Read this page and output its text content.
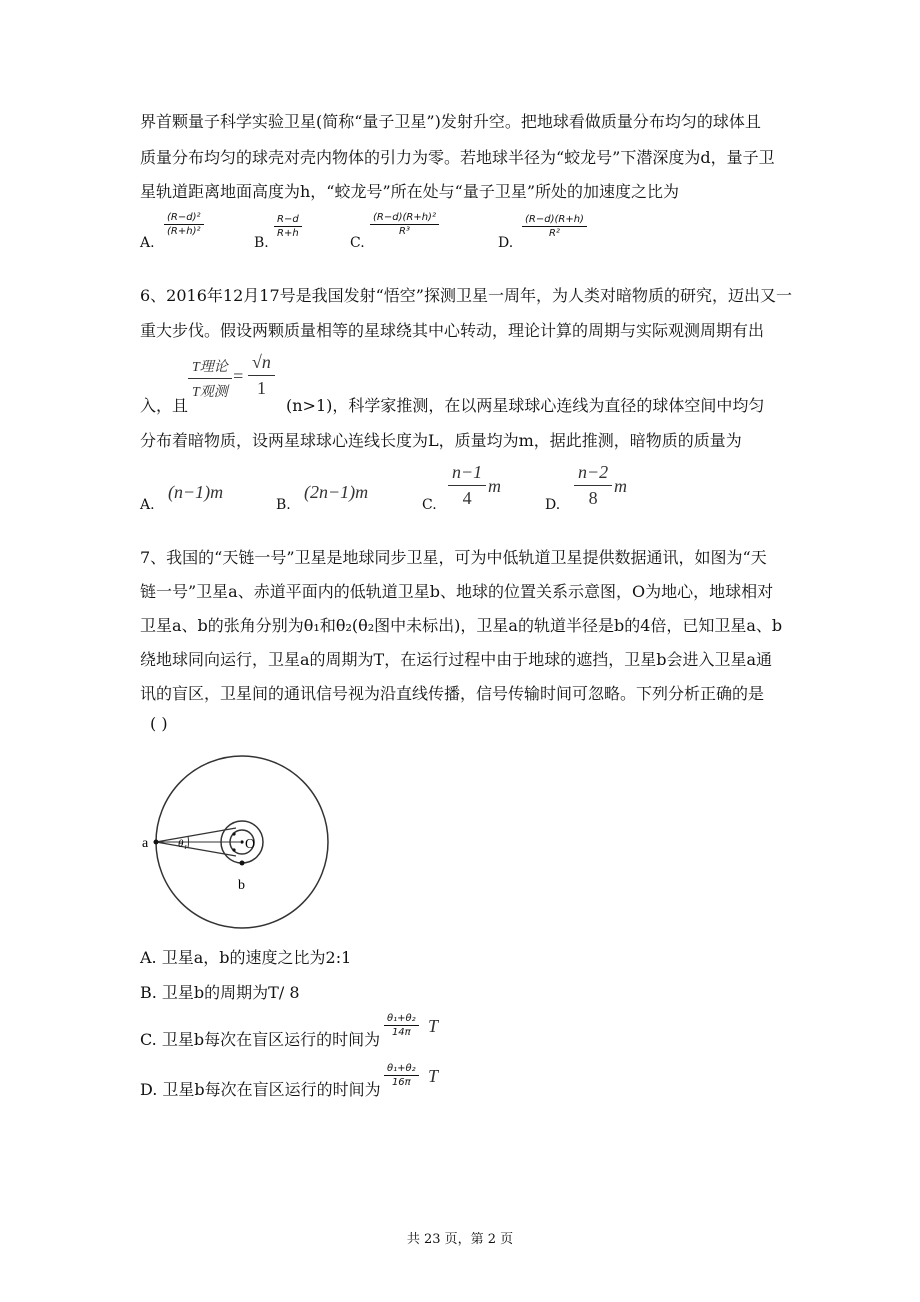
界首颗量子科学实验卫星(简称“量子卫星”)发射升空。把地球看做质量分布均匀的球体且
质量分布均匀的球壳对壳内物体的引力为零。若地球半径为“蛟龙号”下潜深度为d，量子卫
星轨道距离地面高度为h，“蛟龙号”所在处与“量子卫星”所处的加速度之比为
A.
$\frac{\text{(R−d)²}}{\text{(R+h)²}}$
B.
$\frac{R-d}{R+h}$
C.
$\frac{\text{(R−d)(R+h)²}}{\text{R³}}$
D.
$\frac{(R-d)(R+h)}{\text{R²}}$
6、2016年12月17号是我国发射“悟空”探测卫星一周年，为人类对暗物质的研究，迈出又一
重大步伐。假设两颗质量相等的星球绕其中心转动，理论计算的周期与实际观测周期有出
T理论
T观测
= $\frac{√n}{1}$
入，且	(n>1)，科学家推测，在以两星球球心连线为直径的球体空间中均匀
分布着暗物质，设两星球球心连线长度为L，质量均为m，据此推测，暗物质的质量为
A.
(n−1)m
B.
(2n−1)m
C. $\frac{n-1}{4}$ m
D. $\frac{n-2}{8}$ m
7、我国的“天链一号”卫星是地球同步卫星，可为中低轨道卫星提供数据通讯，如图为“天
链一号”卫星a、赤道平面内的低轨道卫星b、地球的位置关系示意图，O为地心，地球相对
卫星a、b的张角分别为θ₁和θ₂(θ₂图中未标出)，卫星a的轨道半径是b的4倍，已知卫星a、b
绕地球同向运行，卫星a的周期为T，在运行过程中由于地球的遮挡，卫星b会进入卫星a通
讯的盲区，卫星间的通讯信号视为沿直线传播，信号传输时间可忽略。下列分析正确的是
( )
a
b
O
θ₁
A. 卫星a，b的速度之比为2:1
B. 卫星b的周期为T/ 8
C. 卫星b每次在盲区运行的时间为
$\frac{\text{θ₁+θ₂}}{14\pi}$ T
D. 卫星b每次在盲区运行的时间为
$\frac{\text{θ₁+θ₂}}{16\pi}$ T
共 23 页，第 2 页
